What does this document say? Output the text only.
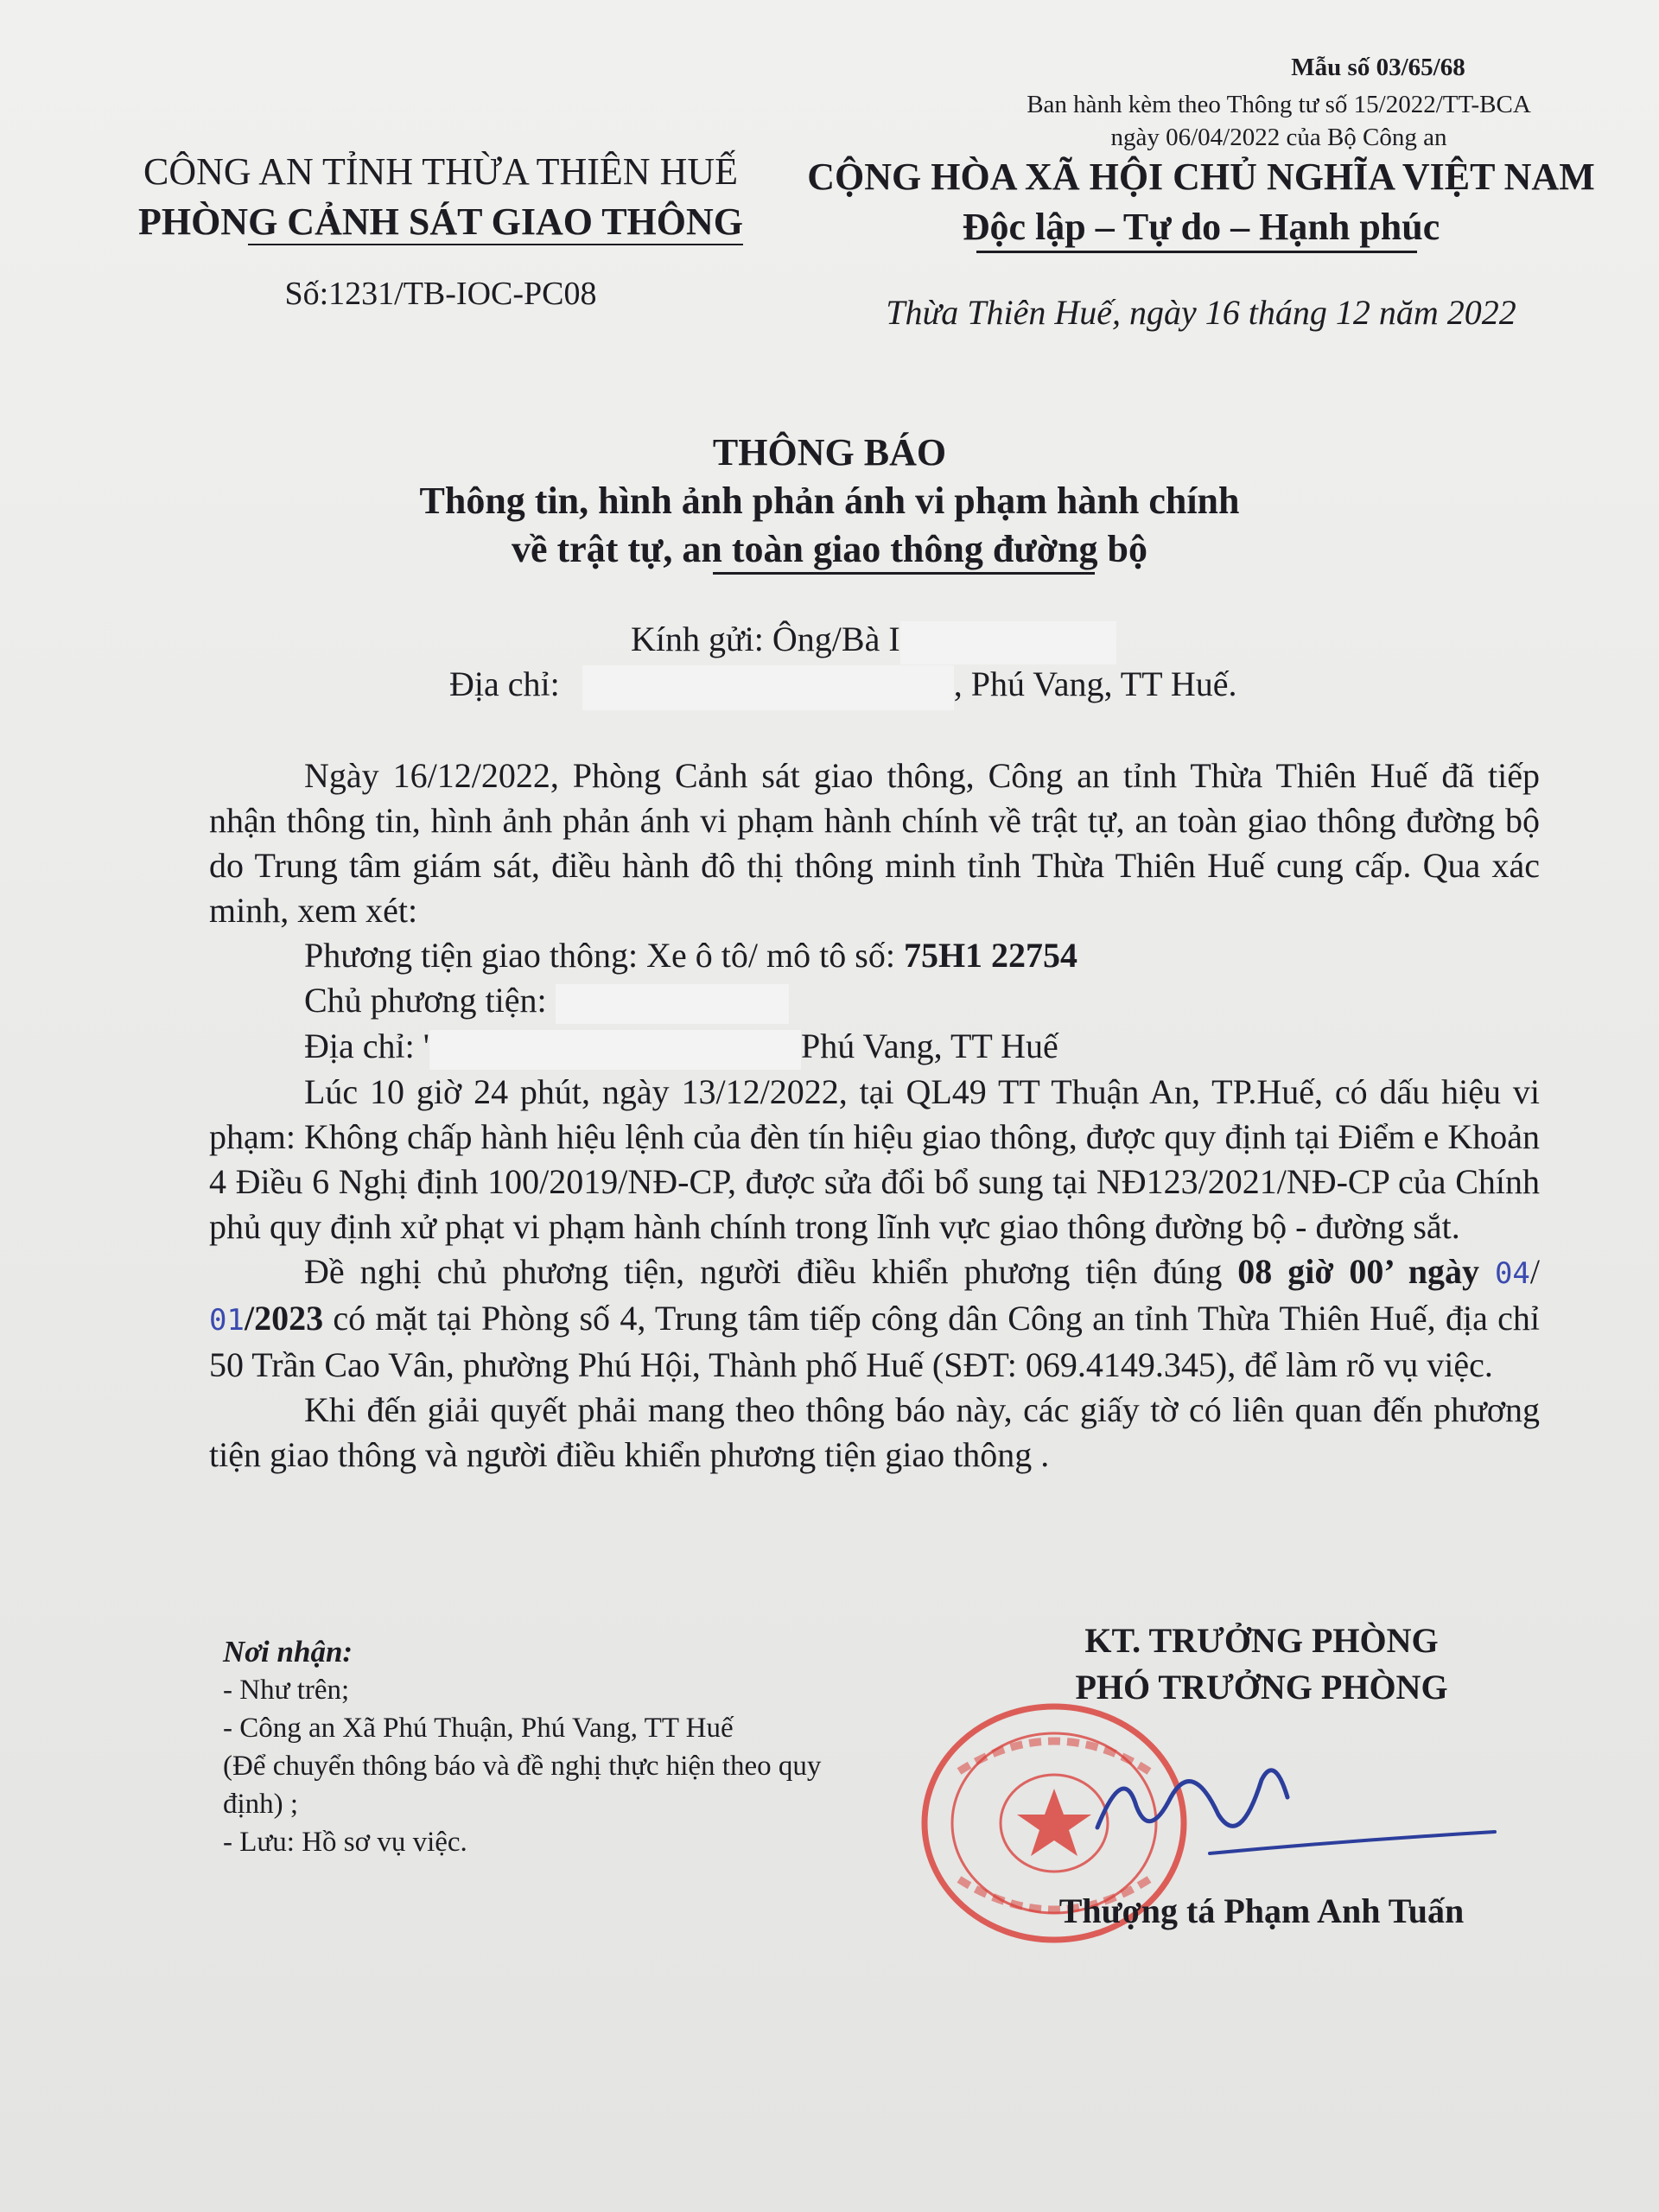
Mẫu số 03/65/68
Ban hành kèm theo Thông tư số 15/2022/TT-BCA
ngày 06/04/2022 của Bộ Công an
CÔNG AN TỈNH THỪA THIÊN HUẾ
PHÒNG CẢNH SÁT GIAO THÔNG
CỘNG HÒA XÃ HỘI CHỦ NGHĨA VIỆT NAM
Độc lập – Tự do – Hạnh phúc
Số:1231/TB-IOC-PC08	Thừa Thiên Huế, ngày 16 tháng 12 năm 2022
THÔNG BÁO
Thông tin, hình ảnh phản ánh vi phạm hành chính
về trật tự, an toàn giao thông đường bộ
Kính gửi: Ông/Bà I
Địa chỉ:	, Phú Vang, TT Huế.

Ngày 16/12/2022, Phòng Cảnh sát giao thông, Công an tỉnh Thừa Thiên Huế đã tiếp nhận thông tin, hình ảnh phản ánh vi phạm hành chính về trật tự, an toàn giao thông đường bộ do Trung tâm giám sát, điều hành đô thị thông minh tỉnh Thừa Thiên Huế cung cấp. Qua xác minh, xem xét:

Phương tiện giao thông: Xe ô tô/ mô tô số: 75H1 22754

Chủ phương tiện:

Địa chỉ: '	Phú Vang, TT Huế

Lúc 10 giờ 24 phút, ngày 13/12/2022, tại QL49 TT Thuận An, TP.Huế, có dấu hiệu vi phạm: Không chấp hành hiệu lệnh của đèn tín hiệu giao thông, được quy định tại Điểm e Khoản 4 Điều 6 Nghị định 100/2019/NĐ-CP, được sửa đổi bổ sung tại NĐ123/2021/NĐ-CP của Chính phủ quy định xử phạt vi phạm hành chính trong lĩnh vực giao thông đường bộ - đường sắt.

Đề nghị chủ phương tiện, người điều khiển phương tiện đúng 08 giờ 00’ ngày 04/ 01/2023 có mặt tại Phòng số 4, Trung tâm tiếp công dân Công an tỉnh Thừa Thiên Huế, địa chỉ 50 Trần Cao Vân, phường Phú Hội, Thành phố Huế (SĐT: 069.4149.345), để làm rõ vụ việc.

Khi đến giải quyết phải mang theo thông báo này, các giấy tờ có liên quan đến phương tiện giao thông và người điều khiển phương tiện giao thông .

Nơi nhận:
- Như trên;
- Công an Xã Phú Thuận, Phú Vang, TT Huế
(Để chuyển thông báo và đề nghị thực hiện theo quy định) ;
- Lưu: Hồ sơ vụ việc.
KT. TRƯỞNG PHÒNG
PHÓ TRƯỞNG PHÒNG
Thượng tá Phạm Anh Tuấn
